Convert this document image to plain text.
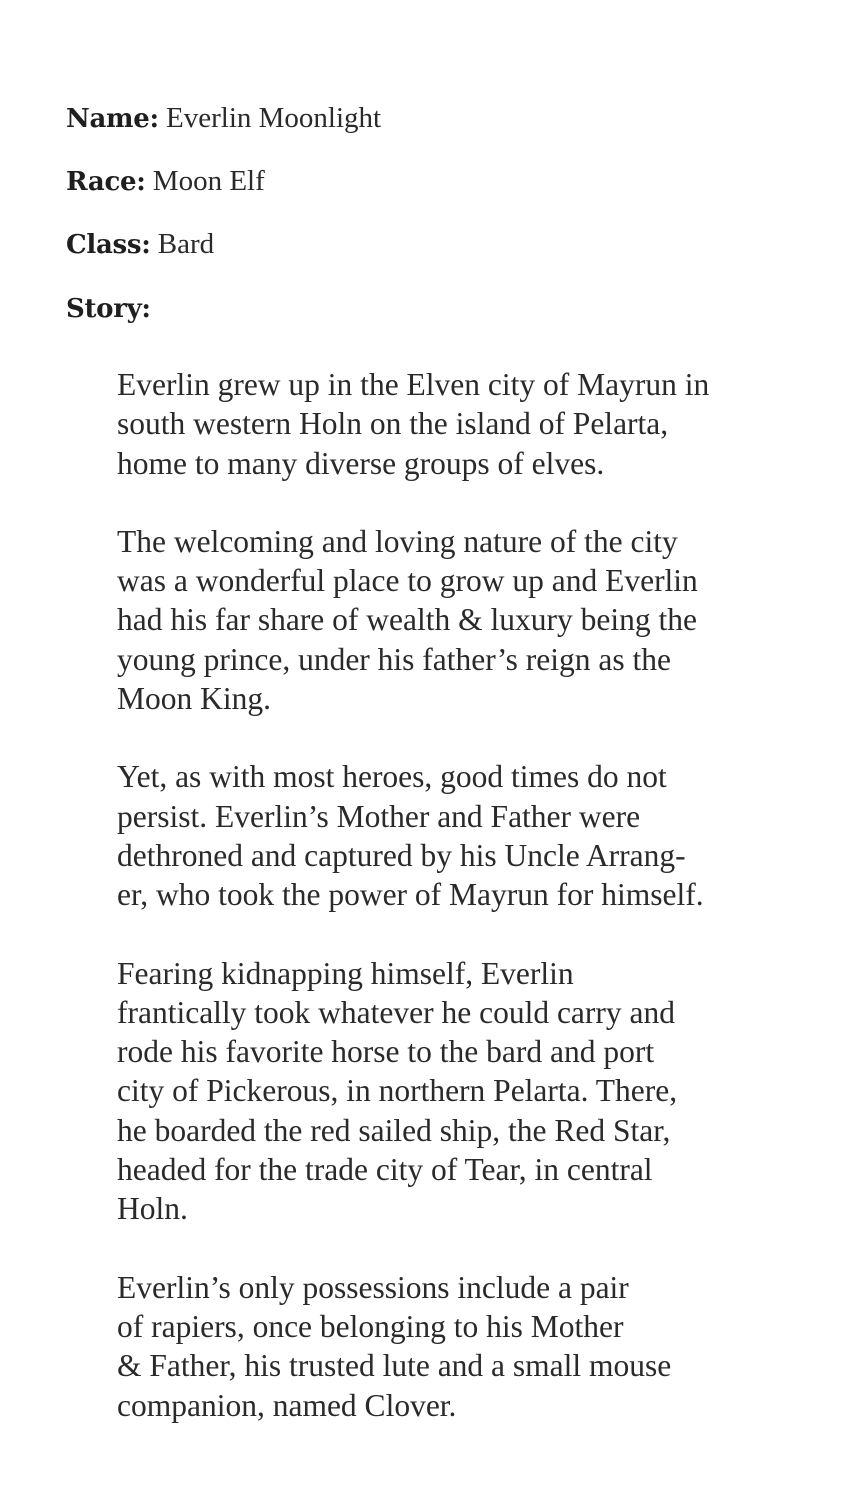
Name: Everlin Moonlight
Race: Moon Elf
Class: Bard
Story:

Everlin grew up in the Elven city of Mayrun in
south western Holn on the island of Pelarta,
home to many diverse groups of elves.

The welcoming and loving nature of the city
was a wonderful place to grow up and Everlin
had his far share of wealth & luxury being the
young prince, under his father’s reign as the
Moon King.

Yet, as with most heroes, good times do not
persist. Everlin’s Mother and Father were
dethroned and captured by his Uncle Arrang-
er, who took the power of Mayrun for himself.

Fearing kidnapping himself, Everlin
frantically took whatever he could carry and
rode his favorite horse to the bard and port
city of Pickerous, in northern Pelarta. There,
he boarded the red sailed ship, the Red Star,
headed for the trade city of Tear, in central
Holn.

Everlin’s only possessions include a pair
of rapiers, once belonging to his Mother
& Father, his trusted lute and a small mouse
companion, named Clover.
